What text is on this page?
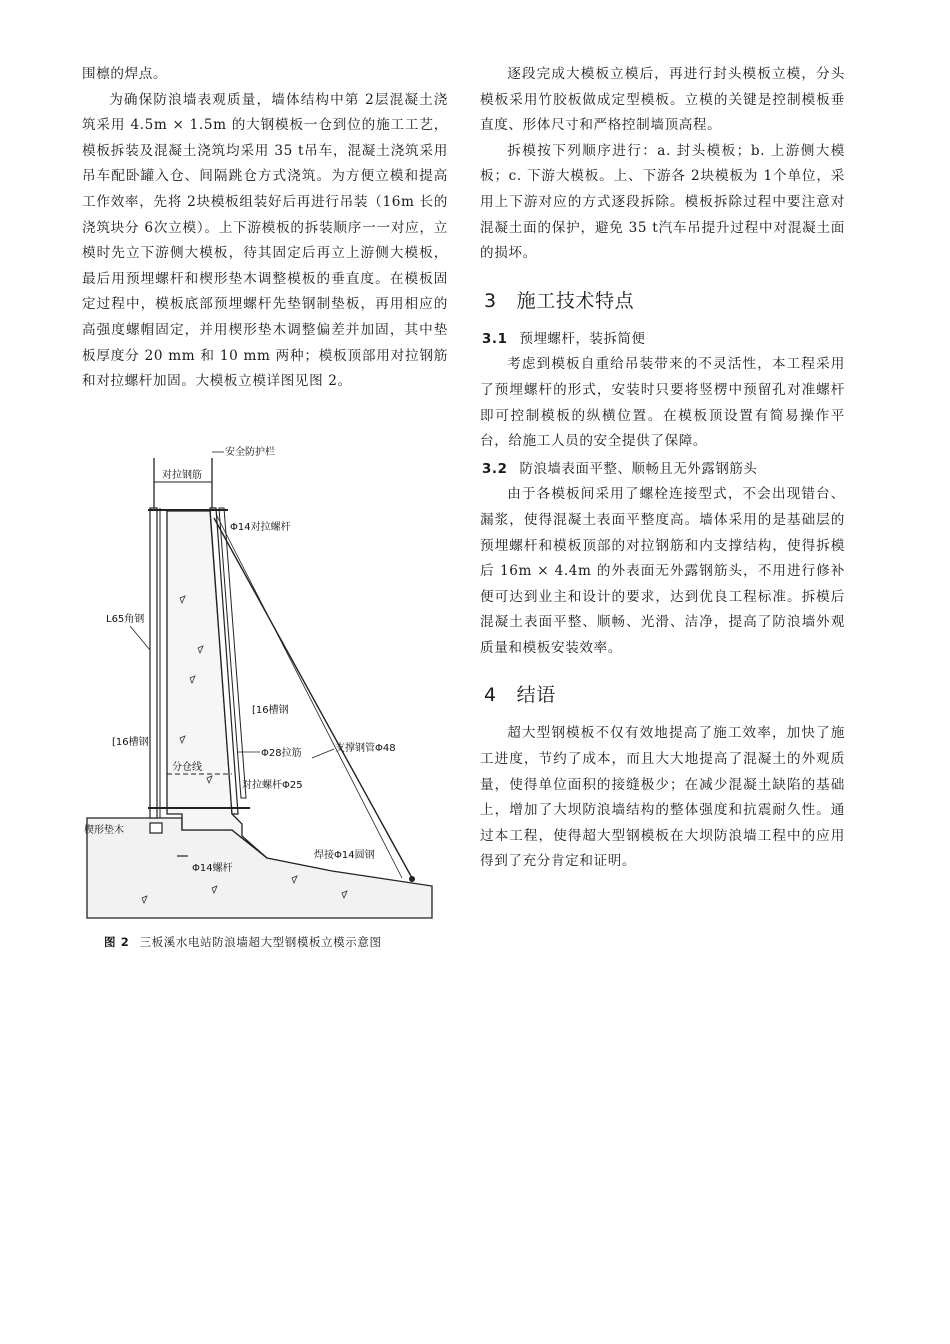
围檩的焊点。

为确保防浪墙表观质量，墙体结构中第 2层混凝土浇筑采用 4.5m × 1.5m 的大钢模板一仓到位的施工工艺，模板拆装及混凝土浇筑均采用 35 t吊车，混凝土浇筑采用吊车配卧罐入仓、间隔跳仓方式浇筑。为方便立模和提高工作效率，先将 2块模板组装好后再进行吊装（16m 长的浇筑块分 6次立模）。上下游模板的拆装顺序一一对应，立模时先立下游侧大模板，待其固定后再立上游侧大模板，最后用预埋螺杆和楔形垫木调整模板的垂直度。在模板固定过程中，模板底部预埋螺杆先垫钢制垫板，再用相应的高强度螺帽固定，并用楔形垫木调整偏差并加固，其中垫板厚度分 20 mm 和 10 mm 两种；模板顶部用对拉钢筋和对拉螺杆加固。大模板立模详图见图 2。

安全防护栏
对拉钢筋
Φ14对拉螺杆
L65角钢
[16槽钢
[16槽钢
Φ28拉筋	支撑钢管Φ48
分仓线
对拉螺杆Φ25
楔形垫木
焊接Φ14圆钢
Φ14螺杆
图 2 三板溪水电站防浪墙超大型钢模板立模示意图

逐段完成大模板立模后，再进行封头模板立模，分头模板采用竹胶板做成定型模板。立模的关键是控制模板垂直度、形体尺寸和严格控制墙顶高程。

拆模按下列顺序进行：a. 封头模板；b. 上游侧大模板；c. 下游大模板。上、下游各 2块模板为 1个单位，采用上下游对应的方式逐段拆除。模板拆除过程中要注意对混凝土面的保护，避免 35 t汽车吊提升过程中对混凝土面的损坏。

3 施工技术特点
3.1 预埋螺杆，装拆简便

考虑到模板自重给吊装带来的不灵活性，本工程采用了预埋螺杆的形式，安装时只要将竖楞中预留孔对准螺杆即可控制模板的纵横位置。在模板顶设置有简易操作平台，给施工人员的安全提供了保障。

3.2 防浪墙表面平整、顺畅且无外露钢筋头

由于各模板间采用了螺栓连接型式，不会出现错台、漏浆，使得混凝土表面平整度高。墙体采用的是基础层的预埋螺杆和模板顶部的对拉钢筋和内支撑结构，使得拆模后 16m × 4.4m 的外表面无外露钢筋头，不用进行修补便可达到业主和设计的要求，达到优良工程标准。拆模后混凝土表面平整、顺畅、光滑、洁净，提高了防浪墙外观质量和模板安装效率。

4 结语

超大型钢模板不仅有效地提高了施工效率，加快了施工进度，节约了成本，而且大大地提高了混凝土的外观质量，使得单位面积的接缝极少；在减少混凝土缺陷的基础上，增加了大坝防浪墙结构的整体强度和抗震耐久性。通过本工程，使得超大型钢模板在大坝防浪墙工程中的应用得到了充分肯定和证明。
